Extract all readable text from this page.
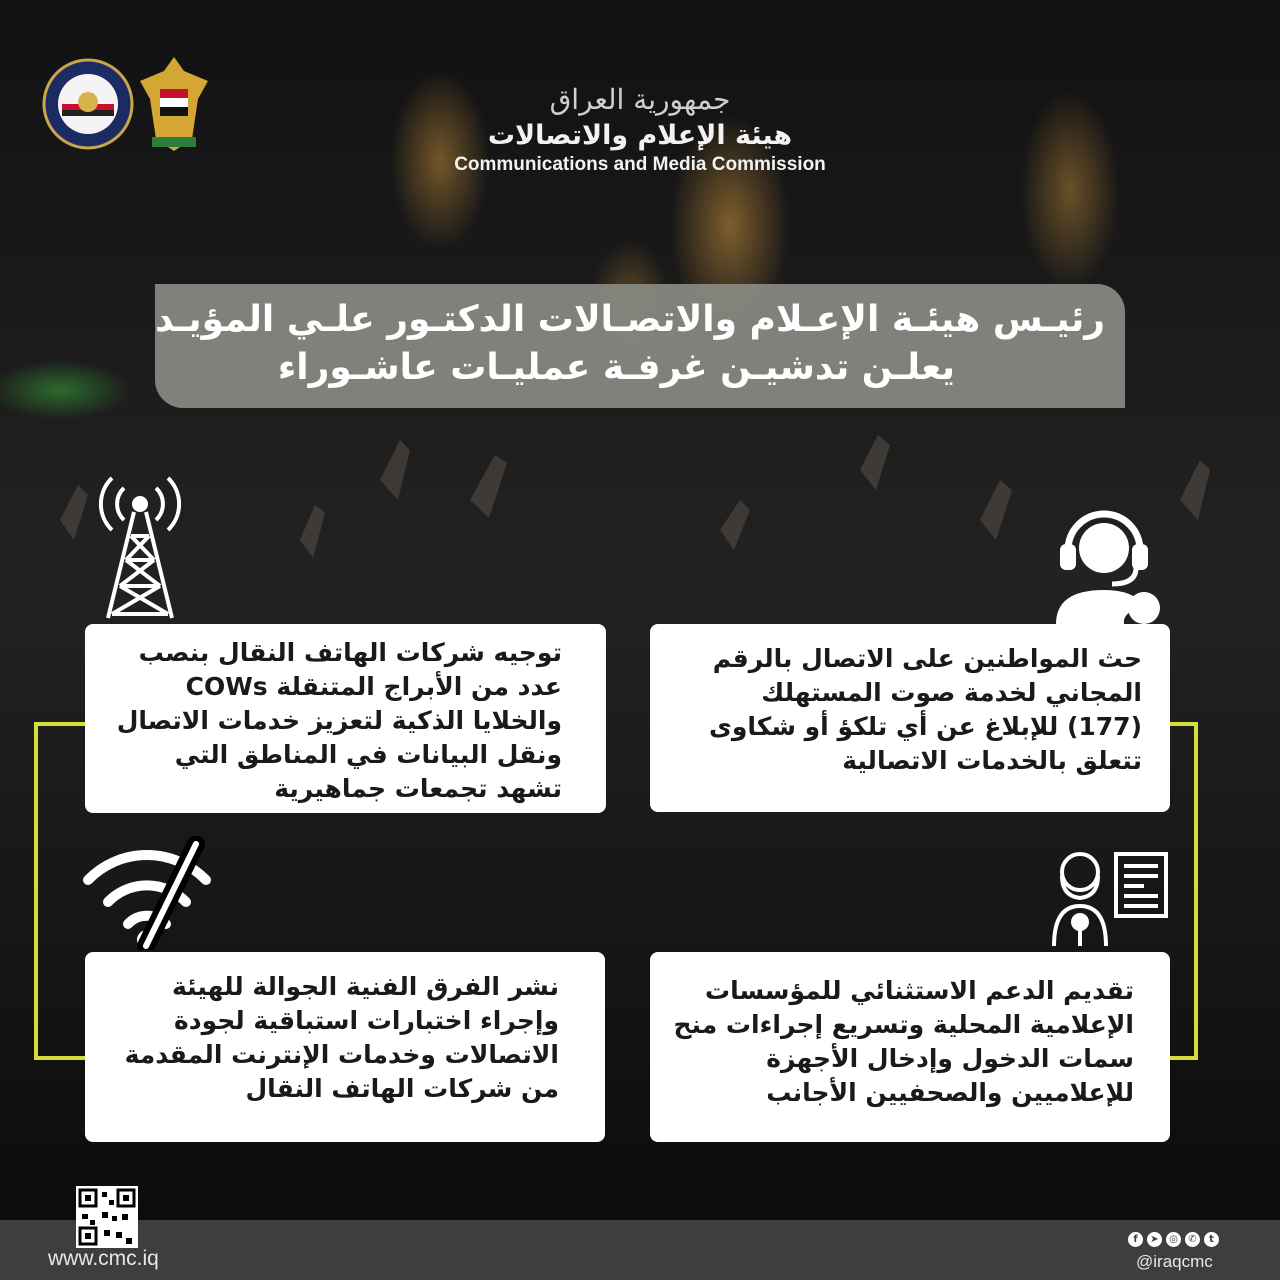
جمهورية العراق
هيئة الإعلام والاتصالات
Communications and Media Commission
رئيـس هيئـة الإعـلام والاتصـالات الدكتـور علـي المؤيـد
يعلـن تدشيـن غرفـة عمليـات عاشـوراء
حث المواطنين على الاتصال بالرقم المجاني لخدمة صوت المستهلك (177) للإبلاغ عن أي تلكؤ أو شكاوى تتعلق بالخدمات الاتصالية
توجيه شركات الهاتف النقال بنصب عدد من الأبراج المتنقلة COWs والخلايا الذكية لتعزيز خدمات الاتصال ونقل البيانات في المناطق التي تشهد تجمعات جماهيرية
تقديم الدعم الاستثنائي للمؤسسات الإعلامية المحلية وتسريع إجراءات منح سمات الدخول وإدخال الأجهزة للإعلاميين والصحفيين الأجانب
نشر الفرق الفنية الجوالة للهيئة وإجراء اختبارات استباقية لجودة الاتصالات وخدمات الإنترنت المقدمة من شركات الهاتف النقال
www.cmc.iq
f	➤	◎	✆	t
@iraqcmc
